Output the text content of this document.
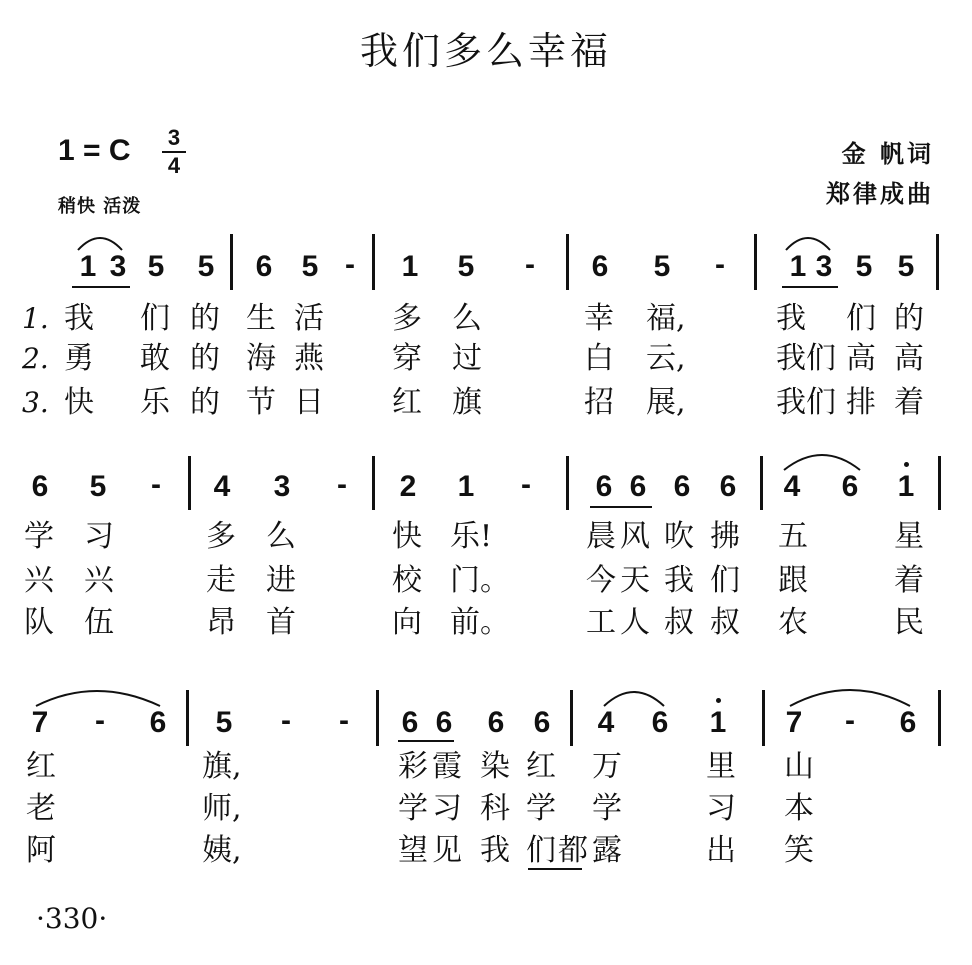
我们多么幸福
1 = C	3
4
稍快 活泼
金 帆词
郑律成曲
1 3 5 5 6 5 -	1 5	-	6 5	-	1 3 5 5
1.
2.
3.
我 们 的 生 活 多 么	幸 福,	我 们 的
勇 敢 的 海 燕 穿 过	白 云,	我们 高 高
快 乐 的 节 日 红 旗	招 展,	我们 排 着
6 5	-	4 3	-	2 1	-	6 6 6 6 4 6 1
学 习	多 么	快 乐!	晨 风 吹 拂 五	星
兴 兴	走 进	校 门。	今 天 我 们 跟	着
队 伍	昂 首	向 前。	工 人 叔 叔 农	民
7	-	6 5	-	-	6 6 6 6 4 6 1 7	-	6
红	旗,	彩 霞 染 红 万	里 山
老	师,	学 习 科 学 学	习 本
阿	姨,	望 见 我 们 都 露	出 笑
·330·
